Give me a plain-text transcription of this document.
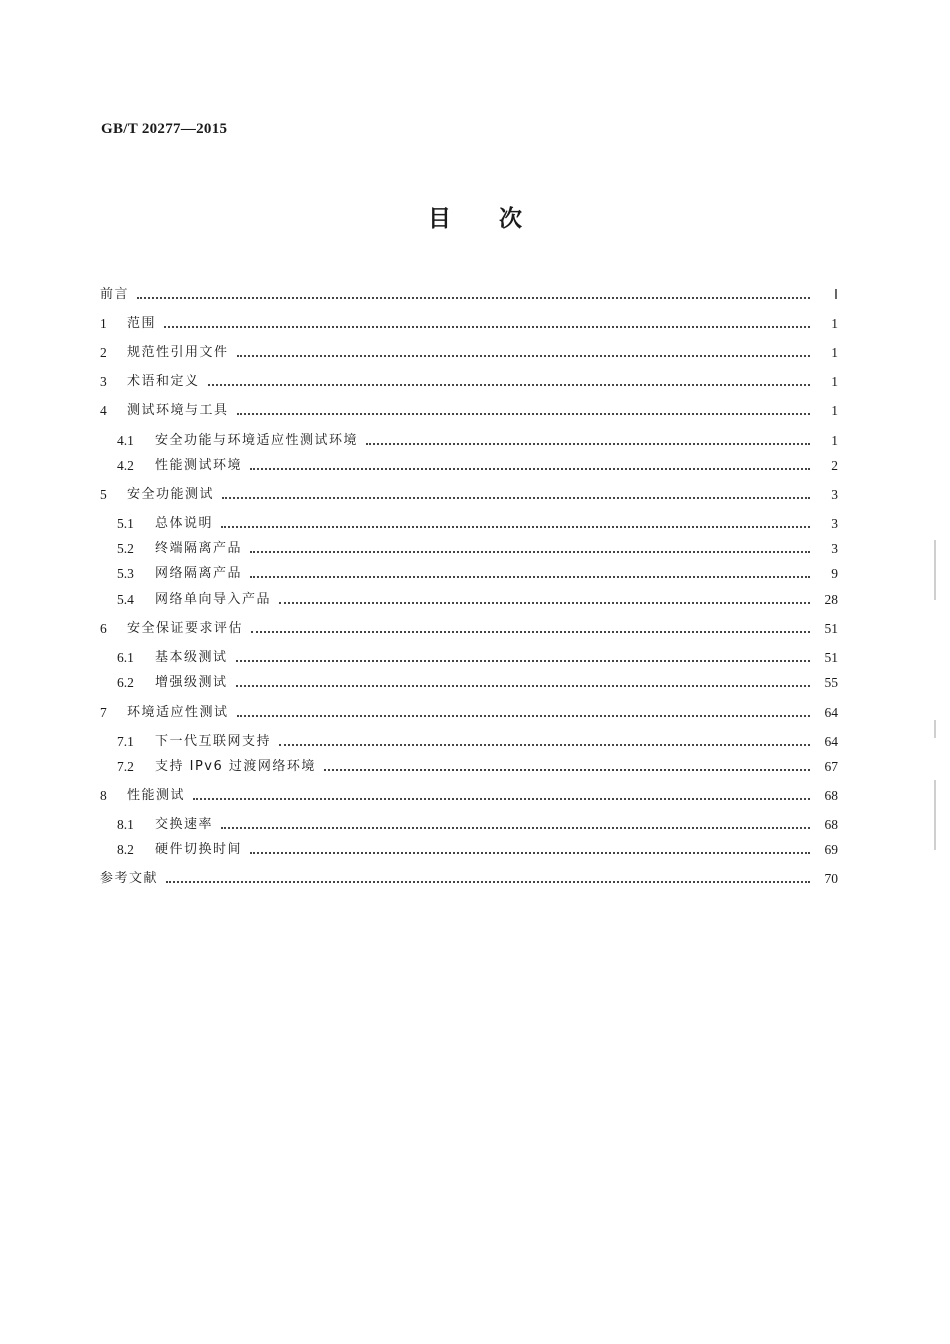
GB/T 20277—2015
目 次
前言	Ⅰ
1	范围	1
2	规范性引用文件	1
3	术语和定义	1
4	测试环境与工具	1
4.1	安全功能与环境适应性测试环境	1
4.2	性能测试环境	2
5	安全功能测试	3
5.1	总体说明	3
5.2	终端隔离产品	3
5.3	网络隔离产品	9
5.4	网络单向导入产品	28
6	安全保证要求评估	51
6.1	基本级测试	51
6.2	增强级测试	55
7	环境适应性测试	64
7.1	下一代互联网支持	64
7.2	支持 IPv6 过渡网络环境	67
8	性能测试	68
8.1	交换速率	68
8.2	硬件切换时间	69
参考文献	70
